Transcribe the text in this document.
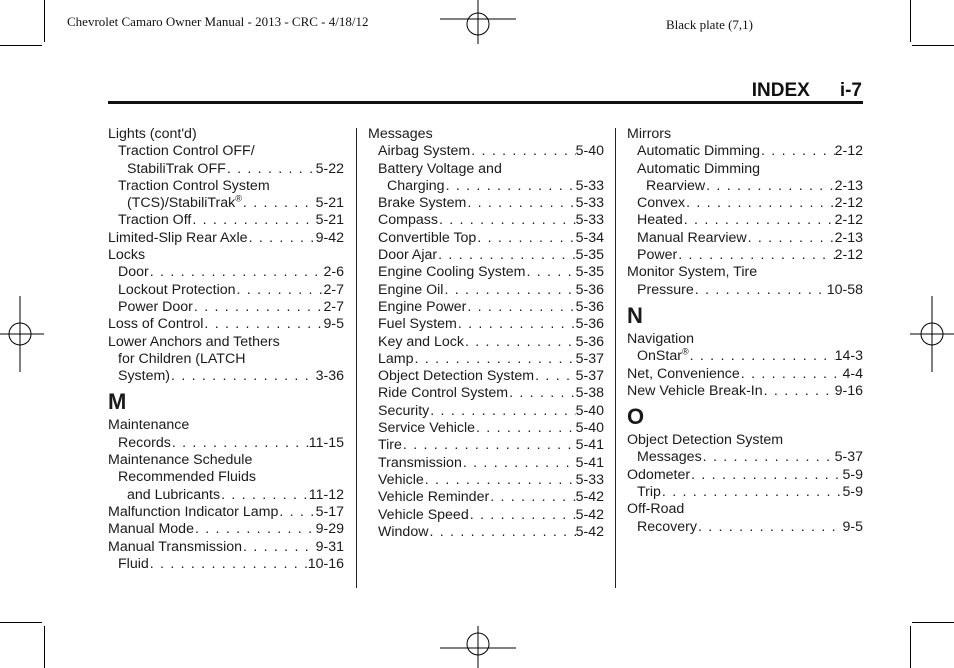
Chevrolet Camaro Owner Manual - 2013 - CRC - 4/18/12	Black plate (7,1)
INDEX i-7
Lights (cont'd)
Traction Control OFF/
StabiliTrak OFF . . .	5-22
Traction Control System
(TCS)/StabiliTrak® . . .	5-21
Traction Off . . .	5-21
Limited-Slip Rear Axle . . .	9-42
Locks
Door . . .	2-6
Lockout Protection . . .	2-7
Power Door . . .	2-7
Loss of Control . . .	9-5
Lower Anchors and Tethers
for Children (LATCH
System) . . .	3-36
M
Maintenance
Records . . .	11-15
Maintenance Schedule
Recommended Fluids
and Lubricants . . .	11-12
Malfunction Indicator Lamp . . .	5-17
Manual Mode . . .	9-29
Manual Transmission . . .	9-31
Fluid . . .	10-16
Messages
Airbag System . . .	5-40
Battery Voltage and
Charging . . .	5-33
Brake System . . .	5-33
Compass . . .	5-33
Convertible Top . . .	5-34
Door Ajar . . .	5-35
Engine Cooling System . . .	5-35
Engine Oil . . .	5-36
Engine Power . . .	5-36
Fuel System . . .	5-36
Key and Lock . . .	5-36
Lamp . . .	5-37
Object Detection System . . .	5-37
Ride Control System . . .	5-38
Security . . .	5-40
Service Vehicle . . .	5-40
Tire . . .	5-41
Transmission . . .	5-41
Vehicle . . .	5-33
Vehicle Reminder . . .	5-42
Vehicle Speed . . .	5-42
Window . . .	5-42
Mirrors
Automatic Dimming . . .	2-12
Automatic Dimming
Rearview . . .	2-13
Convex . . .	2-12
Heated . . .	2-12
Manual Rearview . . .	2-13
Power . . .	2-12
Monitor System, Tire
Pressure . . .	10-58
N
Navigation
OnStar® . . .	14-3
Net, Convenience . . .	4-4
New Vehicle Break-In . . .	9-16
O
Object Detection System
Messages . . .	5-37
Odometer . . .	5-9
Trip . . .	5-9
Off-Road
Recovery . . .	9-5
